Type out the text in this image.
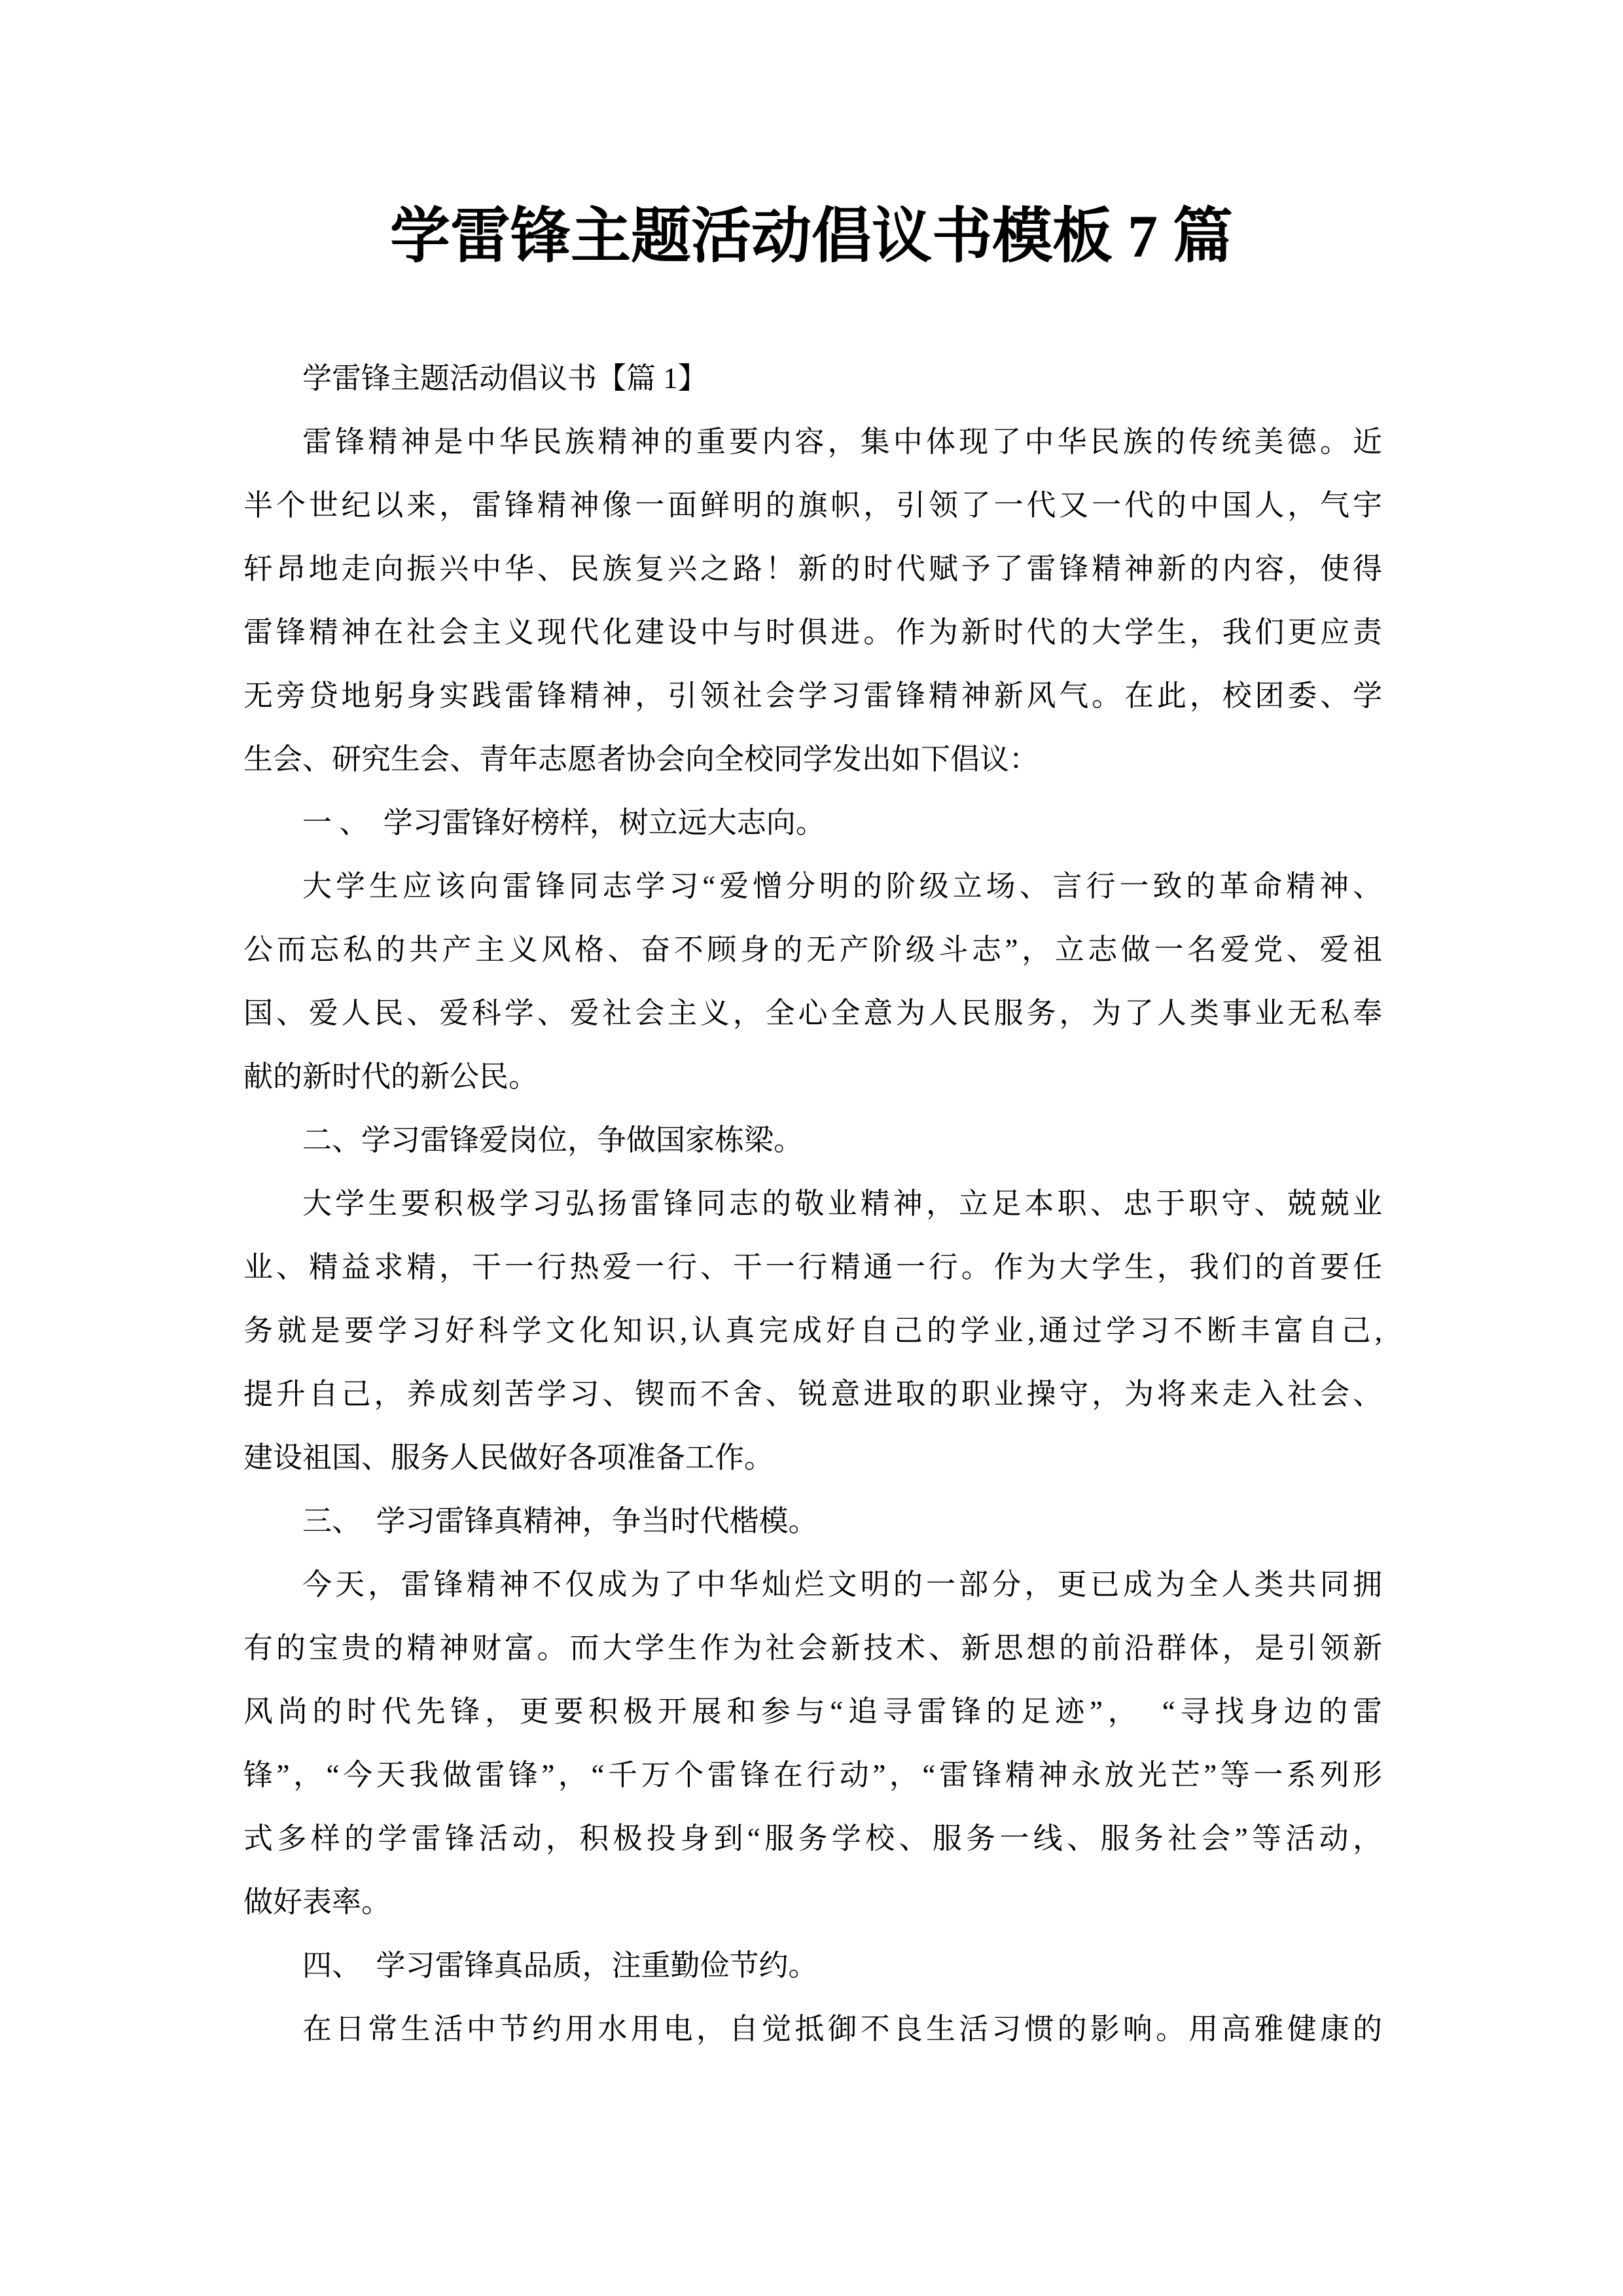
学雷锋主题活动倡议书模板 7 篇
学雷锋主题活动倡议书【篇 1】
雷锋精神是中华民族精神的重要内容，集中体现了中华民族的传统美德。近
半个世纪以来，雷锋精神像一面鲜明的旗帜，引领了一代又一代的中国人，气宇
轩昂地走向振兴中华、民族复兴之路！新的时代赋予了雷锋精神新的内容，使得
雷锋精神在社会主义现代化建设中与时俱进。作为新时代的大学生，我们更应责
无旁贷地躬身实践雷锋精神，引领社会学习雷锋精神新风气。在此，校团委、学
生会、研究生会、青年志愿者协会向全校同学发出如下倡议：
一 、　学习雷锋好榜样，树立远大志向。
大学生应该向雷锋同志学习“爱憎分明的阶级立场、言行一致的革命精神、
公而忘私的共产主义风格、奋不顾身的无产阶级斗志”，立志做一名爱党、爱祖
国、爱人民、爱科学、爱社会主义，全心全意为人民服务，为了人类事业无私奉
献的新时代的新公民。
二、学习雷锋爱岗位，争做国家栋梁。
大学生要积极学习弘扬雷锋同志的敬业精神，立足本职、忠于职守、兢兢业
业、精益求精，干一行热爱一行、干一行精通一行。作为大学生，我们的首要任
务就是要学习好科学文化知识,认真完成好自己的学业,通过学习不断丰富自己,
提升自己，养成刻苦学习、锲而不舍、锐意进取的职业操守，为将来走入社会、
建设祖国、服务人民做好各项准备工作。
三、　学习雷锋真精神，争当时代楷模。
今天，雷锋精神不仅成为了中华灿烂文明的一部分，更已成为全人类共同拥
有的宝贵的精神财富。而大学生作为社会新技术、新思想的前沿群体，是引领新
风尚的时代先锋，更要积极开展和参与“追寻雷锋的足迹”，　“寻找身边的雷
锋”，“今天我做雷锋”，“千万个雷锋在行动”，“雷锋精神永放光芒”等一系列形
式多样的学雷锋活动，积极投身到“服务学校、服务一线、服务社会”等活动，
做好表率。
四、　学习雷锋真品质，注重勤俭节约。
在日常生活中节约用水用电，自觉抵御不良生活习惯的影响。用高雅健康的
